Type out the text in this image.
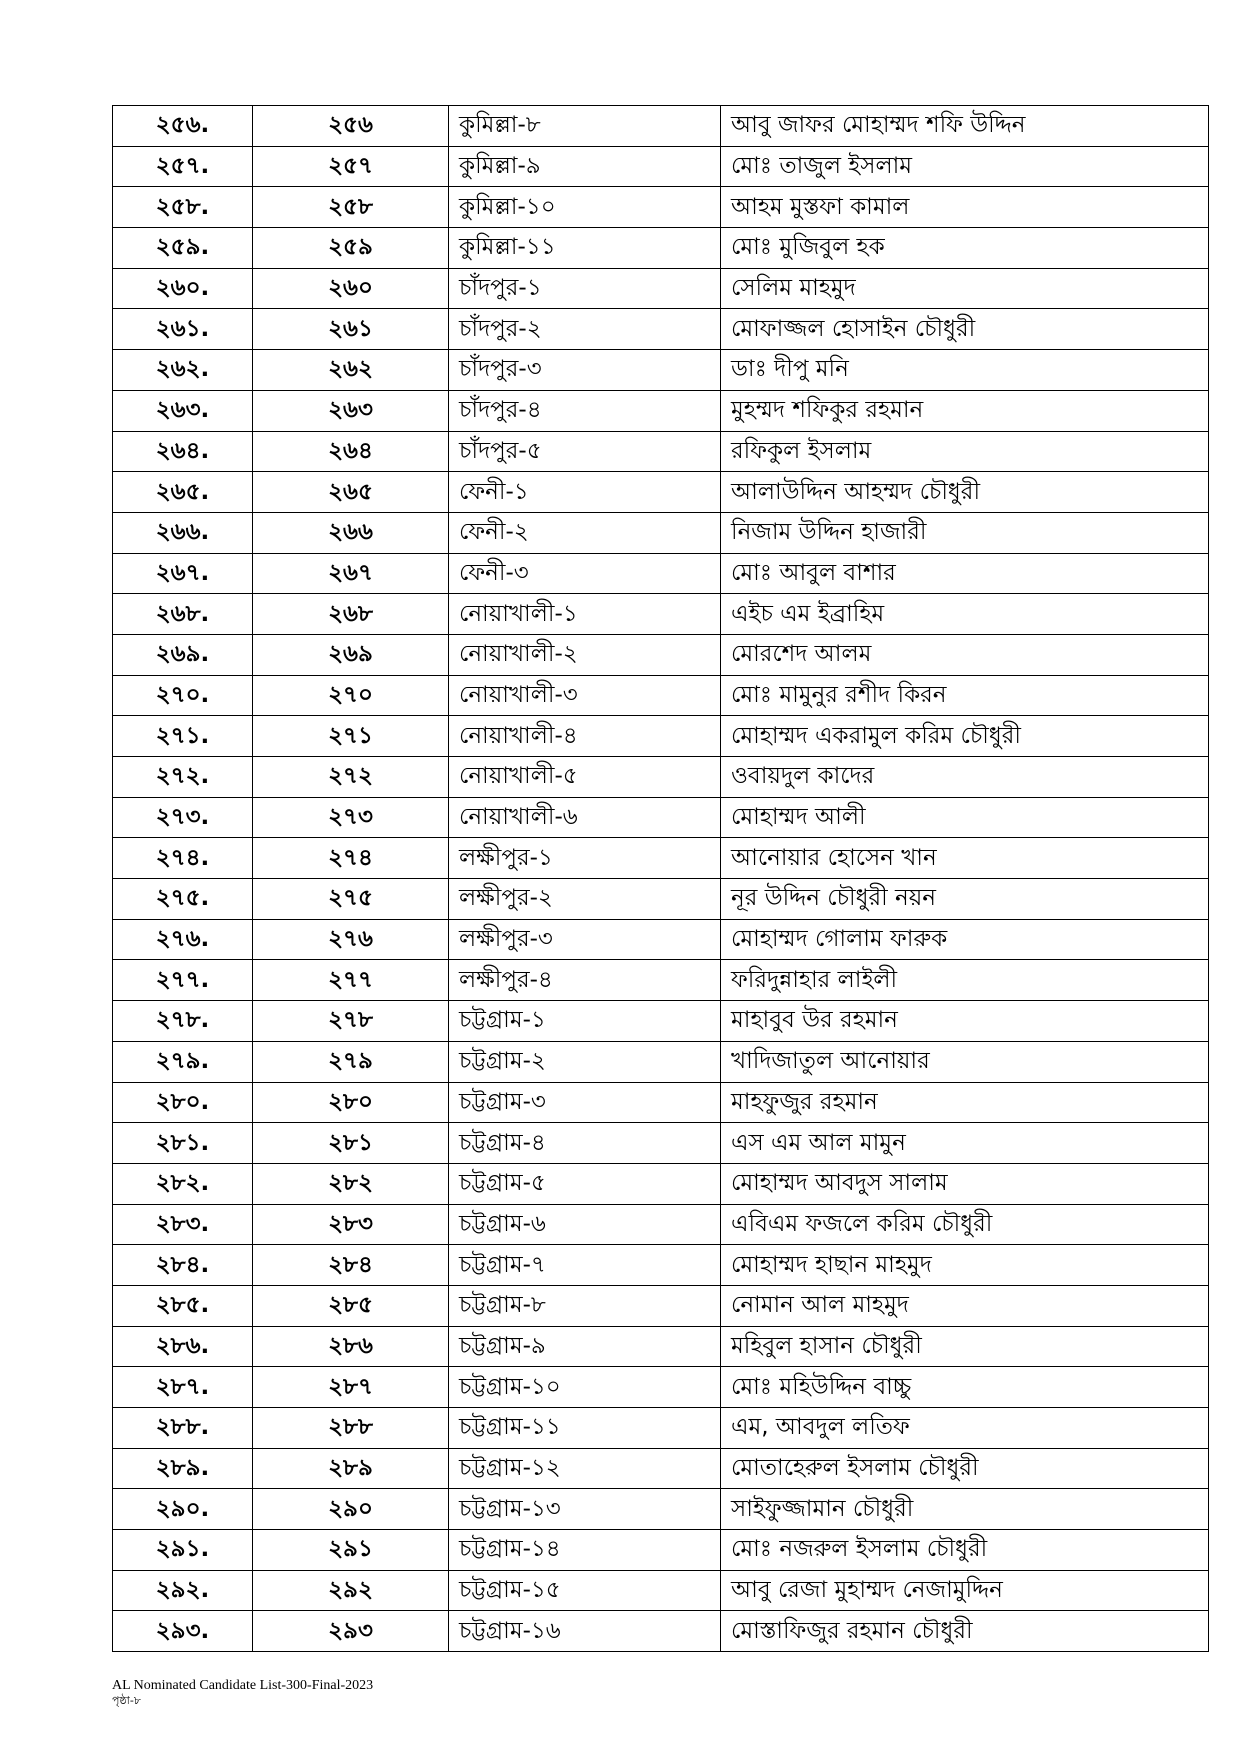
২৫৬.	২৫৬	কুমিল্লা-৮	আবু জাফর মোহাম্মদ শফি উদ্দিন
২৫৭.	২৫৭	কুমিল্লা-৯	মোঃ তাজুল ইসলাম
২৫৮.	২৫৮	কুমিল্লা-১০	আহম মুস্তফা কামাল
২৫৯.	২৫৯	কুমিল্লা-১১	মোঃ মুজিবুল হক
২৬০.	২৬০	চাঁদপুর-১	সেলিম মাহমুদ
২৬১.	২৬১	চাঁদপুর-২	মোফাজ্জল হোসাইন চৌধুরী
২৬২.	২৬২	চাঁদপুর-৩	ডাঃ দীপু মনি
২৬৩.	২৬৩	চাঁদপুর-৪	মুহম্মদ শফিকুর রহমান
২৬৪.	২৬৪	চাঁদপুর-৫	রফিকুল ইসলাম
২৬৫.	২৬৫	ফেনী-১	আলাউদ্দিন আহম্মদ চৌধুরী
২৬৬.	২৬৬	ফেনী-২	নিজাম উদ্দিন হাজারী
২৬৭.	২৬৭	ফেনী-৩	মোঃ আবুল বাশার
২৬৮.	২৬৮	নোয়াখালী-১	এইচ এম ইব্রাহিম
২৬৯.	২৬৯	নোয়াখালী-২	মোরশেদ আলম
২৭০.	২৭০	নোয়াখালী-৩	মোঃ মামুনুর রশীদ কিরন
২৭১.	২৭১	নোয়াখালী-৪	মোহাম্মদ একরামুল করিম চৌধুরী
২৭২.	২৭২	নোয়াখালী-৫	ওবায়দুল কাদের
২৭৩.	২৭৩	নোয়াখালী-৬	মোহাম্মদ আলী
২৭৪.	২৭৪	লক্ষীপুর-১	আনোয়ার হোসেন খান
২৭৫.	২৭৫	লক্ষীপুর-২	নূর উদ্দিন চৌধুরী নয়ন
২৭৬.	২৭৬	লক্ষীপুর-৩	মোহাম্মদ গোলাম ফারুক
২৭৭.	২৭৭	লক্ষীপুর-৪	ফরিদুন্নাহার লাইলী
২৭৮.	২৭৮	চট্টগ্রাম-১	মাহাবুব উর রহমান
২৭৯.	২৭৯	চট্টগ্রাম-২	খাদিজাতুল আনোয়ার
২৮০.	২৮০	চট্টগ্রাম-৩	মাহফুজুর রহমান
২৮১.	২৮১	চট্টগ্রাম-৪	এস এম আল মামুন
২৮২.	২৮২	চট্টগ্রাম-৫	মোহাম্মদ আবদুস সালাম
২৮৩.	২৮৩	চট্টগ্রাম-৬	এবিএম ফজলে করিম চৌধুরী
২৮৪.	২৮৪	চট্টগ্রাম-৭	মোহাম্মদ হাছান মাহমুদ
২৮৫.	২৮৫	চট্টগ্রাম-৮	নোমান আল মাহমুদ
২৮৬.	২৮৬	চট্টগ্রাম-৯	মহিবুল হাসান চৌধুরী
২৮৭.	২৮৭	চট্টগ্রাম-১০	মোঃ মহিউদ্দিন বাচ্চু
২৮৮.	২৮৮	চট্টগ্রাম-১১	এম, আবদুল লতিফ
২৮৯.	২৮৯	চট্টগ্রাম-১২	মোতাহেরুল ইসলাম চৌধুরী
২৯০.	২৯০	চট্টগ্রাম-১৩	সাইফুজ্জামান চৌধুরী
২৯১.	২৯১	চট্টগ্রাম-১৪	মোঃ নজরুল ইসলাম চৌধুরী
২৯২.	২৯২	চট্টগ্রাম-১৫	আবু রেজা মুহাম্মদ নেজামুদ্দিন
২৯৩.	২৯৩	চট্টগ্রাম-১৬	মোস্তাফিজুর রহমান চৌধুরী
AL Nominated Candidate List-300-Final-2023
পৃষ্ঠা-৮
